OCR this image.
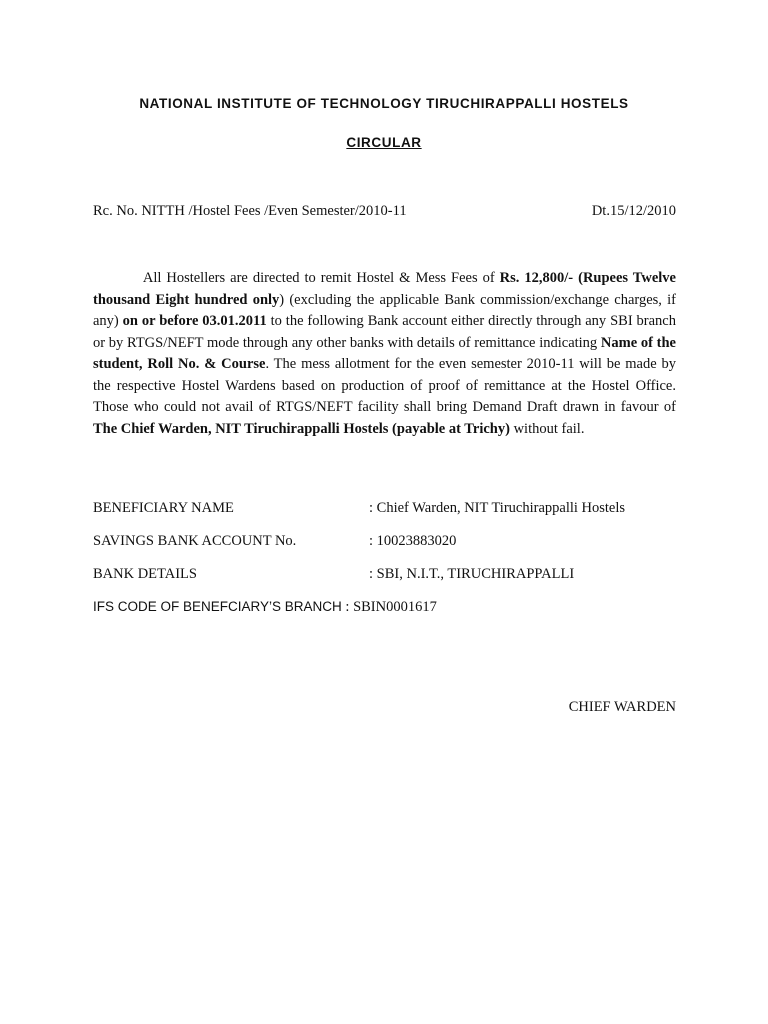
NATIONAL INSTITUTE OF TECHNOLOGY TIRUCHIRAPPALLI HOSTELS
CIRCULAR
Rc. No. NITTH /Hostel Fees /Even Semester/2010-11	Dt.15/12/2010

All Hostellers are directed to remit Hostel & Mess Fees of Rs. 12,800/- (Rupees Twelve thousand Eight hundred only) (excluding the applicable Bank commission/exchange charges, if any) on or before 03.01.2011 to the following Bank account either directly through any SBI branch or by RTGS/NEFT mode through any other banks with details of remittance indicating Name of the student, Roll No. & Course. The mess allotment for the even semester 2010-11 will be made by the respective Hostel Wardens based on production of proof of remittance at the Hostel Office. Those who could not avail of RTGS/NEFT facility shall bring Demand Draft drawn in favour of The Chief Warden, NIT Tiruchirappalli Hostels (payable at Trichy) without fail.

BENEFICIARY NAME	: Chief Warden, NIT Tiruchirappalli Hostels
SAVINGS BANK ACCOUNT No.	: 10023883020
BANK DETAILS	: SBI, N.I.T., TIRUCHIRAPPALLI
IFS CODE OF BENEFCIARY’S BRANCH : SBIN0001617
CHIEF WARDEN
